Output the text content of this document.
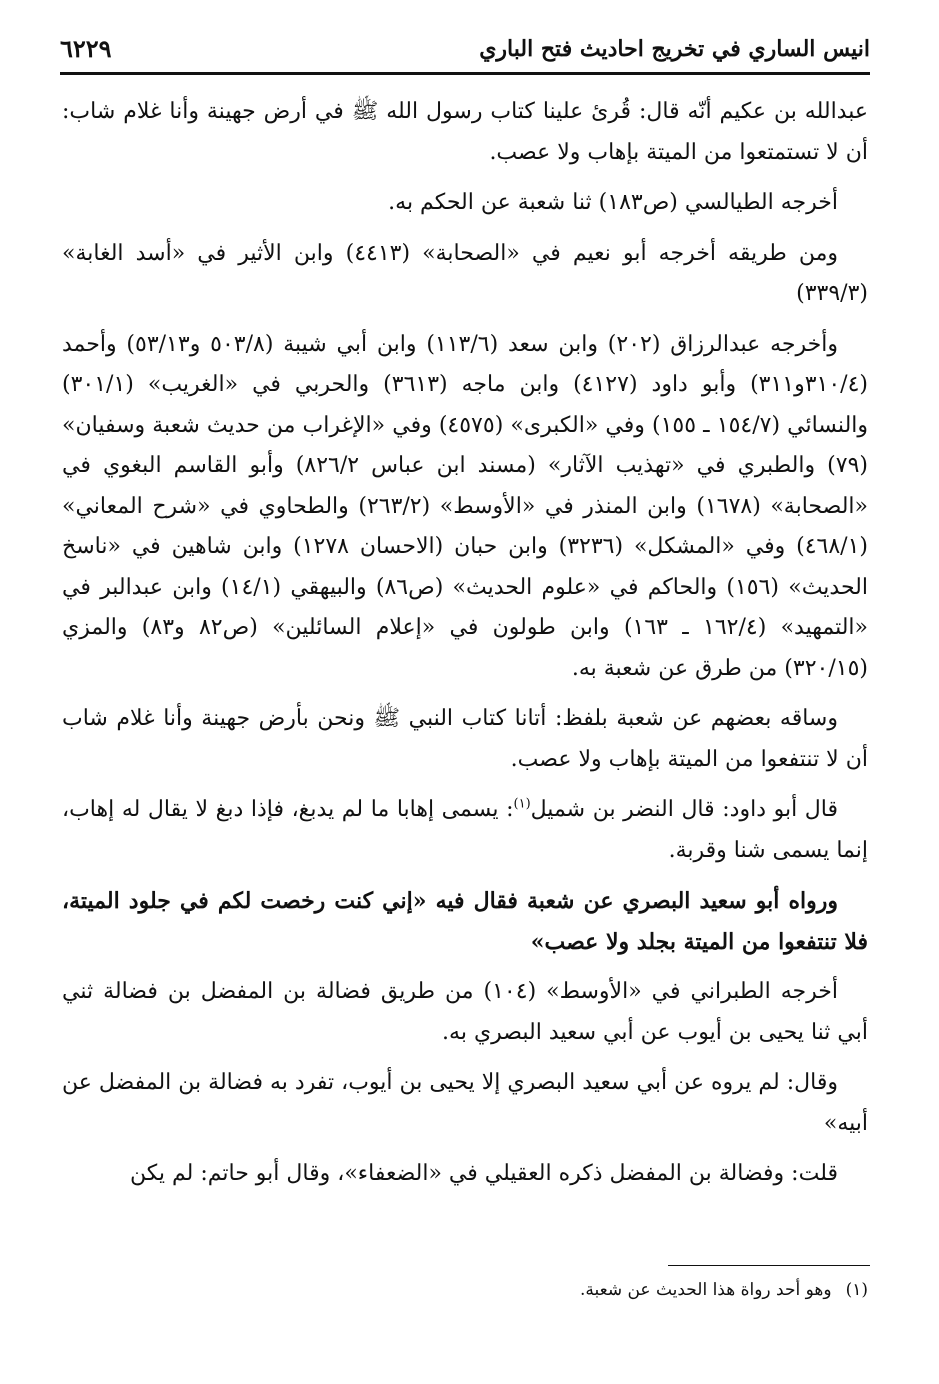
انيس الساري في تخريج احاديث فتح الباري
٦٢٢٩

عبدالله بن عكيم أنّه قال: قُرئ علينا كتاب رسول الله ﷺ في أرض جهينة وأنا غلام شاب: أن لا تستمتعوا من الميتة بإهاب ولا عصب.

أخرجه الطيالسي (ص١٨٣) ثنا شعبة عن الحكم به.

ومن طريقه أخرجه أبو نعيم في «الصحابة» (٤٤١٣) وابن الأثير في «أسد الغابة» (٣٣٩/٣)

وأخرجه عبدالرزاق (٢٠٢) وابن سعد (١١٣/٦) وابن أبي شيبة (٥٠٣/٨ و٥٣/١٣) وأحمد (٣١٠/٤و٣١١) وأبو داود (٤١٢٧) وابن ماجه (٣٦١٣) والحربي في «الغريب» (٣٠١/١) والنسائي (١٥٤/٧ ـ ١٥٥) وفي «الكبرى» (٤٥٧٥) وفي «الإغراب من حديث شعبة وسفيان» (٧٩) والطبري في «تهذيب الآثار» (مسند ابن عباس ٨٢٦/٢) وأبو القاسم البغوي في «الصحابة» (١٦٧٨) وابن المنذر في «الأوسط» (٢٦٣/٢) والطحاوي في «شرح المعاني» (٤٦٨/١) وفي «المشكل» (٣٢٣٦) وابن حبان (الاحسان ١٢٧٨) وابن شاهين في «ناسخ الحديث» (١٥٦) والحاكم في «علوم الحديث» (ص٨٦) والبيهقي (١٤/١) وابن عبدالبر في «التمهيد» (١٦٢/٤ ـ ١٦٣) وابن طولون في «إعلام السائلين» (ص٨٢ و٨٣) والمزي (٣٢٠/١٥) من طرق عن شعبة به.

وساقه بعضهم عن شعبة بلفظ: أتانا كتاب النبي ﷺ ونحن بأرض جهينة وأنا غلام شاب أن لا تنتفعوا من الميتة بإهاب ولا عصب.

قال أبو داود: قال النضر بن شميل$^{(١)}$: يسمى إهابا ما لم يدبغ، فإذا دبغ لا يقال له إهاب، إنما يسمى شنا وقربة.

ورواه أبو سعيد البصري عن شعبة فقال فيه «إني كنت رخصت لكم في جلود الميتة، فلا تنتفعوا من الميتة بجلد ولا عصب»

أخرجه الطبراني في «الأوسط» (١٠٤) من طريق فضالة بن المفضل بن فضالة ثني أبي ثنا يحيى بن أيوب عن أبي سعيد البصري به.

وقال: لم يروه عن أبي سعيد البصري إلا يحيى بن أيوب، تفرد به فضالة بن المفضل عن أبيه»

قلت: وفضالة بن المفضل ذكره العقيلي في «الضعفاء»، وقال أبو حاتم: لم يكن

(١)وهو أحد رواة هذا الحديث عن شعبة.
